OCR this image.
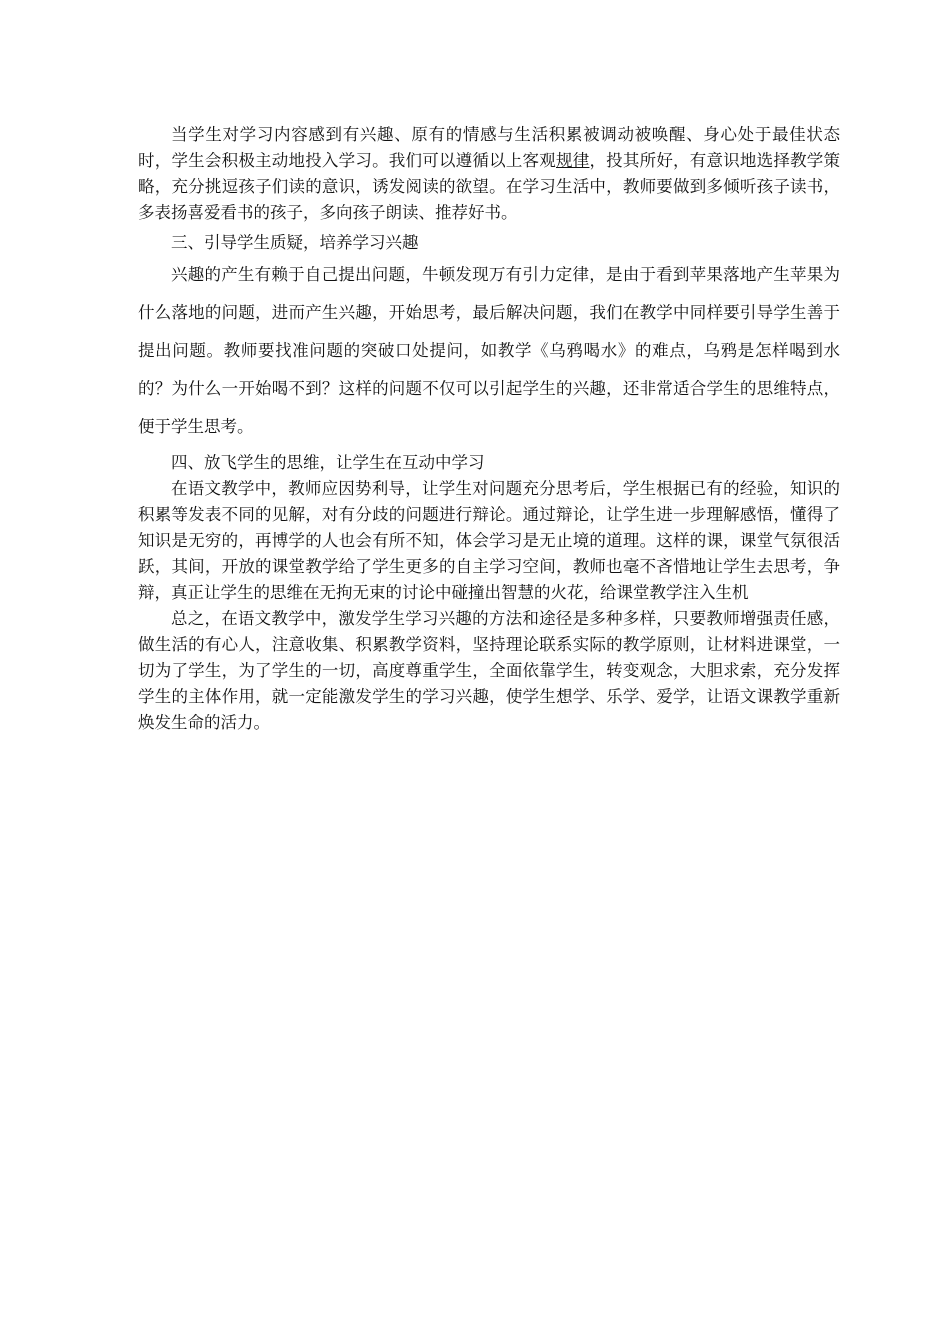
当学生对学习内容感到有兴趣、原有的情感与生活积累被调动被唤醒、身心处于最佳状态时，学生会积极主动地投入学习。我们可以遵循以上客观规律，投其所好，有意识地选择教学策略，充分挑逗孩子们读的意识，诱发阅读的欲望。在学习生活中，教师要做到多倾听孩子读书，多表扬喜爱看书的孩子，多向孩子朗读、推荐好书。

三、引导学生质疑，培养学习兴趣

兴趣的产生有赖于自己提出问题，牛顿发现万有引力定律，是由于看到苹果落地产生苹果为什么落地的问题，进而产生兴趣，开始思考，最后解决问题，我们在教学中同样要引导学生善于提出问题。教师要找准问题的突破口处提问，如教学《乌鸦喝水》的难点，乌鸦是怎样喝到水的？为什么一开始喝不到？这样的问题不仅可以引起学生的兴趣，还非常适合学生的思维特点，便于学生思考。

四、放飞学生的思维，让学生在互动中学习

在语文教学中，教师应因势利导，让学生对问题充分思考后，学生根据已有的经验，知识的积累等发表不同的见解，对有分歧的问题进行辩论。通过辩论，让学生进一步理解感悟，懂得了知识是无穷的，再博学的人也会有所不知，体会学习是无止境的道理。这样的课，课堂气氛很活跃，其间，开放的课堂教学给了学生更多的自主学习空间，教师也毫不吝惜地让学生去思考，争辩，真正让学生的思维在无拘无束的讨论中碰撞出智慧的火花，给课堂教学注入生机

总之，在语文教学中，激发学生学习兴趣的方法和途径是多种多样，只要教师增强责任感，做生活的有心人，注意收集、积累教学资料，坚持理论联系实际的教学原则，让材料进课堂，一切为了学生，为了学生的一切，高度尊重学生，全面依靠学生，转变观念，大胆求索，充分发挥学生的主体作用，就一定能激发学生的学习兴趣，使学生想学、乐学、爱学，让语文课教学重新焕发生命的活力。
